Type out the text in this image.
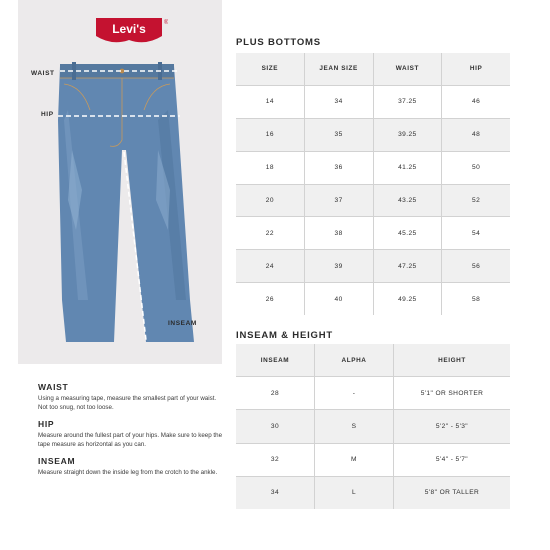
Levi's	®
WAIST
HIP
INSEAM
WAIST
Using a measuring tape, measure the smallest part of your waist. Not too snug, not too loose.
HIP
Measure around the fullest part of your hips. Make sure to keep the tape measure as horizontal as you can.
INSEAM
Measure straight down the inside leg from the crotch to the ankle.
PLUS BOTTOMS
SIZE	JEAN SIZE	WAIST	HIP
14	34	37.25	46
16	35	39.25	48
18	36	41.25	50
20	37	43.25	52
22	38	45.25	54
24	39	47.25	56
26	40	49.25	58
INSEAM & HEIGHT
INSEAM	ALPHA	HEIGHT
28	-	5'1" OR SHORTER
30	S	5'2" - 5'3"
32	M	5'4" - 5'7"
34	L	5'8" OR TALLER
